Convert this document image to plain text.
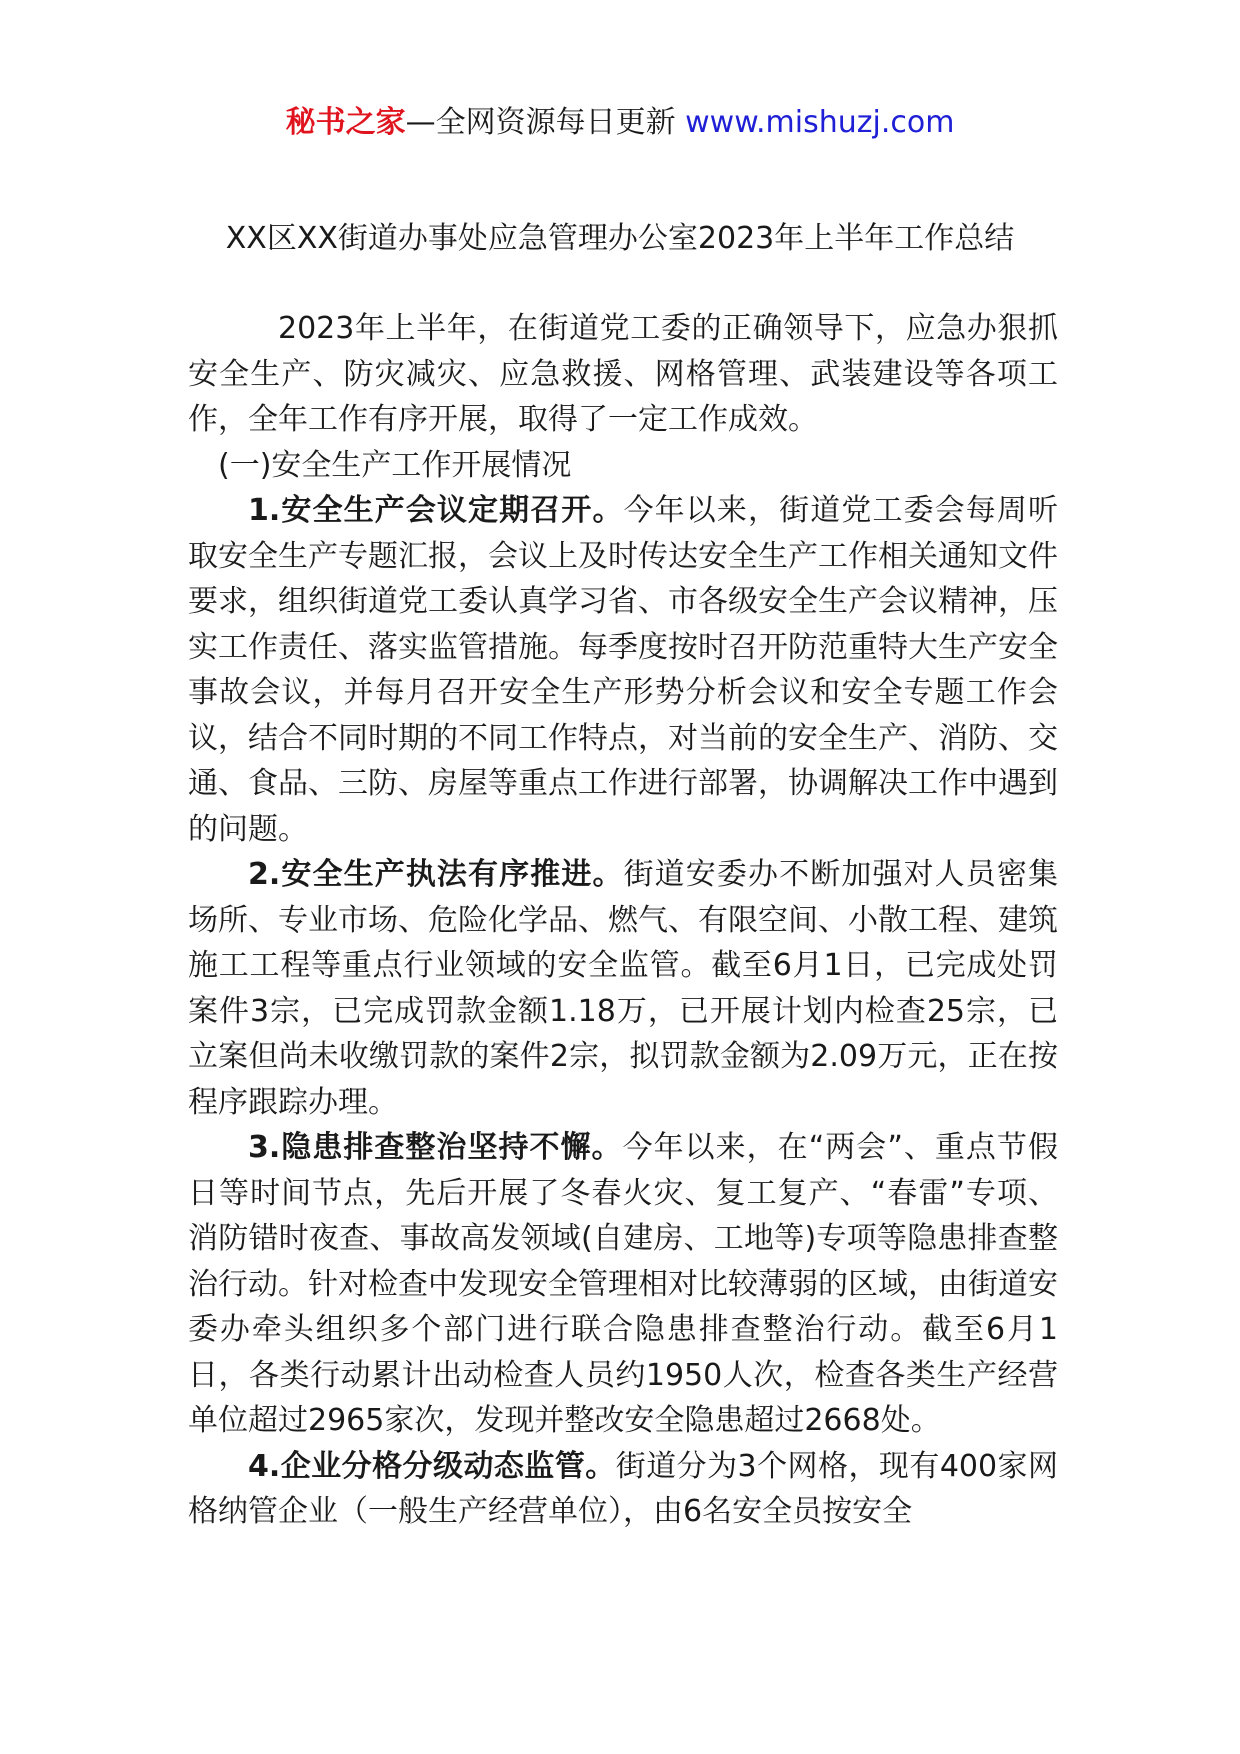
秘书之家—全网资源每日更新 www.mishuzj.com
XX区XX街道办事处应急管理办公室2023年上半年工作总结

2023年上半年，在街道党工委的正确领导下，应急办狠抓安全生产、防灾减灾、应急救援、网格管理、武装建设等各项工作，全年工作有序开展，取得了一定工作成效。

(一)安全生产工作开展情况

1.安全生产会议定期召开。今年以来，街道党工委会每周听取安全生产专题汇报，会议上及时传达安全生产工作相关通知文件要求，组织街道党工委认真学习省、市各级安全生产会议精神，压实工作责任、落实监管措施。每季度按时召开防范重特大生产安全事故会议，并每月召开安全生产形势分析会议和安全专题工作会议，结合不同时期的不同工作特点，对当前的安全生产、消防、交通、食品、三防、房屋等重点工作进行部署，协调解决工作中遇到的问题。

2.安全生产执法有序推进。街道安委办不断加强对人员密集场所、专业市场、危险化学品、燃气、有限空间、小散工程、建筑施工工程等重点行业领域的安全监管。截至6月1日，已完成处罚案件3宗，已完成罚款金额1.18万，已开展计划内检查25宗，已立案但尚未收缴罚款的案件2宗，拟罚款金额为2.09万元，正在按程序跟踪办理。

3.隐患排查整治坚持不懈。今年以来，在“两会”、重点节假日等时间节点，先后开展了冬春火灾、复工复产、“春雷”专项、消防错时夜查、事故高发领域(自建房、工地等)专项等隐患排查整治行动。针对检查中发现安全管理相对比较薄弱的区域，由街道安委办牵头组织多个部门进行联合隐患排查整治行动。截至6月1日，各类行动累计出动检查人员约1950人次，检查各类生产经营单位超过2965家次，发现并整改安全隐患超过2668处。

4.企业分格分级动态监管。街道分为3个网格，现有400家网格纳管企业（一般生产经营单位），由6名安全员按安全
